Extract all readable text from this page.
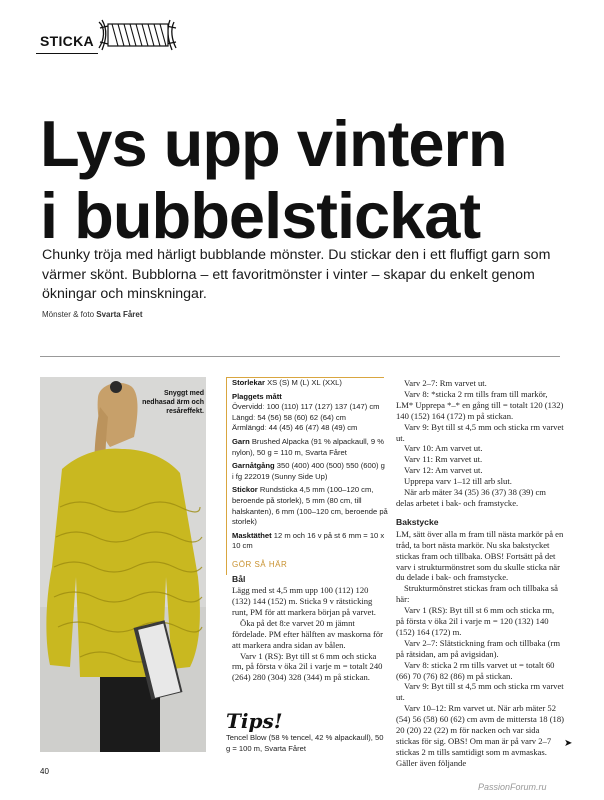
STICKA
Lys upp vintern
i bubbelstickat
Chunky tröja med härligt bubblande mönster. Du stickar den i ett fluffigt garn som värmer skönt. Bubblorna – ett favoritmönster i vinter – skapar du enkelt genom ökningar och minskningar.
Mönster & foto Svarta Fåret
Snyggt med nedhasad ärm och resåreffekt.

Storlekar XS (S) M (L) XL (XXL)

Plaggets mått
Överviddː 100 (110) 117 (127) 137 (147) cm
Längdː 54 (56) 58 (60) 62 (64) cm
Ärmlängdː 44 (45) 46 (47) 48 (49) cm

Garn Brushed Alpacka (91 % alpackaull, 9 % nylon), 50 g = 110 m, Svarta Fåret

Garnåtgång 350 (400) 400 (500) 550 (600) g i fg 222019 (Sunny Side Up)

Stickor Rundsticka 4,5 mm (100–120 cm, beroende på storlek), 5 mm (80 cm, till halskanten), 6 mm (100–120 cm, beroende på storlek)

Masktäthet 12 m och 16 v på st 6 mm = 10 x 10 cm

GÖR SÅ HÄR
Bål
Lägg med st 4,5 mm upp 100 (112) 120 (132) 144 (152) m. Sticka 9 v rätsticking runt, PM för att markera början på varvet.
Öka på det 8:e varvet 20 m jämnt fördelade. PM efter hälften av maskorna för att markera andra sidan av bålen.
Varv 1 (RS): Byt till st 6 mm och sticka rm, på första v öka 2il i varje m = totalt 240 (264) 280 (304) 328 (344) m på stickan.
Tips!
Tencel Blow (58 % tencel, 42 % alpackaull), 50 g = 100 m, Svarta Fåret
Varv 2–7: Rm varvet ut.
Varv 8: *sticka 2 rm tills fram till markör, LM* Upprepa *–* en gång till = totalt 120 (132) 140 (152) 164 (172) m på stickan.
Varv 9: Byt till st 4,5 mm och sticka rm varvet ut.
Varv 10: Am varvet ut.
Varv 11: Rm varvet ut.
Varv 12: Am varvet ut.
Upprepa varv 1–12 till arb slut.
När arb mäter 34 (35) 36 (37) 38 (39) cm delas arbetet i bak- och framstycke.
Bakstycke
LM, sätt över alla m fram till nästa markör på en tråd, ta bort nästa markör. Nu ska bakstycket stickas fram och tillbaka. OBS! Fortsätt på det varv i strukturmönstret som du skulle sticka när du delade i bak- och framstycke.
Strukturmönstret stickas fram och tillbaka så här:
Varv 1 (RS): Byt till st 6 mm och sticka rm, på första v öka 2il i varje m = 120 (132) 140 (152) 164 (172) m.
Varv 2–7: Slätstickning fram och tillbaka (rm på rätsidan, am på avigsidan).
Varv 8: sticka 2 rm tills varvet ut = totalt 60 (66) 70 (76) 82 (86) m på stickan.
Varv 9: Byt till st 4,5 mm och sticka rm varvet ut.
Varv 10–12: Rm varvet ut. När arb mäter 52 (54) 56 (58) 60 (62) cm avm de mittersta 18 (18) 20 (20) 22 (22) m för nacken och var sida stickas för sig. OBS! Om man är på varv 2–7 stickas 2 m tills samtidigt som m avmaskas. Gäller även följande
➤
40
PassionForum.ru
